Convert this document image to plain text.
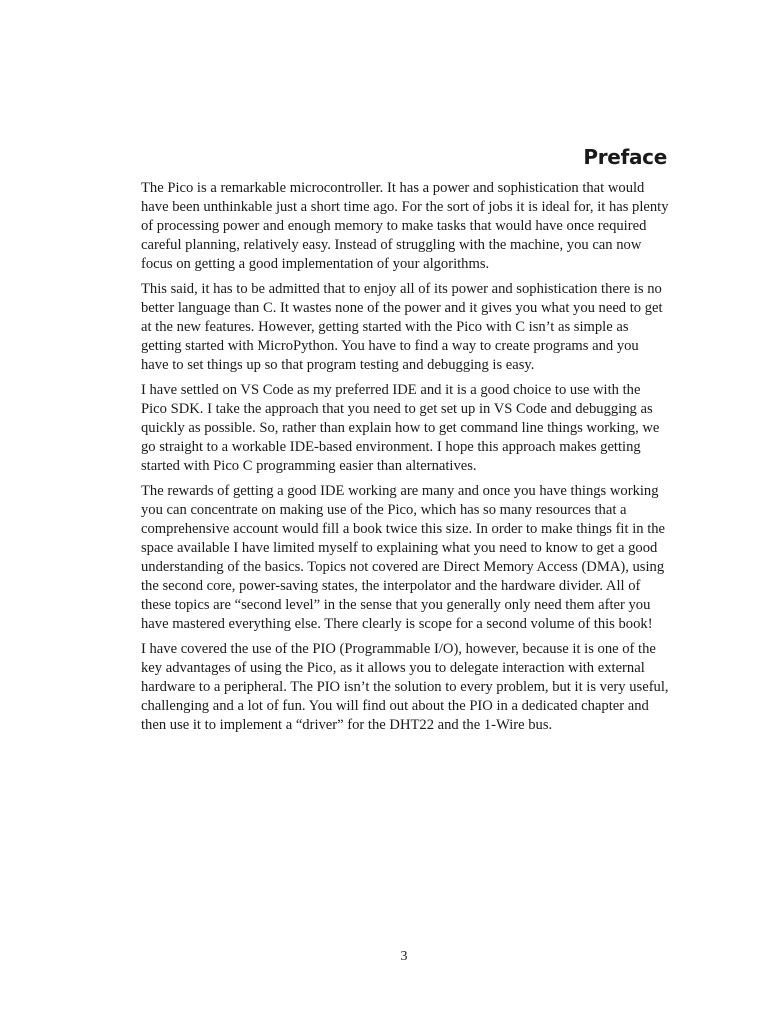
Preface

The Pico is a remarkable microcontroller. It has a power and sophistication that would have been unthinkable just a short time ago. For the sort of jobs it is ideal for, it has plenty of processing power and enough memory to make tasks that would have once required careful planning, relatively easy. Instead of struggling with the machine, you can now focus on getting a good implementation of your algorithms.

This said, it has to be admitted that to enjoy all of its power and sophistication there is no better language than C. It wastes none of the power and it gives you what you need to get at the new features. However, getting started with the Pico with C isn’t as simple as getting started with MicroPython. You have to find a way to create programs and you have to set things up so that program testing and debugging is easy.

I have settled on VS Code as my preferred IDE and it is a good choice to use with the Pico SDK. I take the approach that you need to get set up in VS Code and debugging as quickly as possible. So, rather than explain how to get command line things working, we go straight to a workable IDE-based environment. I hope this approach makes getting started with Pico C programming easier than alternatives.

The rewards of getting a good IDE working are many and once you have things working you can concentrate on making use of the Pico, which has so many resources that a comprehensive account would fill a book twice this size. In order to make things fit in the space available I have limited myself to explaining what you need to know to get a good understanding of the basics. Topics not covered are Direct Memory Access (DMA), using the second core, power-saving states, the interpolator and the hardware divider. All of these topics are “second level” in the sense that you generally only need them after you have mastered everything else. There clearly is scope for a second volume of this book!

I have covered the use of the PIO (Programmable I/O), however, because it is one of the key advantages of using the Pico, as it allows you to delegate interaction with external hardware to a peripheral. The PIO isn’t the solution to every problem, but it is very useful, challenging and a lot of fun. You will find out about the PIO in a dedicated chapter and then use it to implement a “driver” for the DHT22 and the 1-Wire bus.

3
